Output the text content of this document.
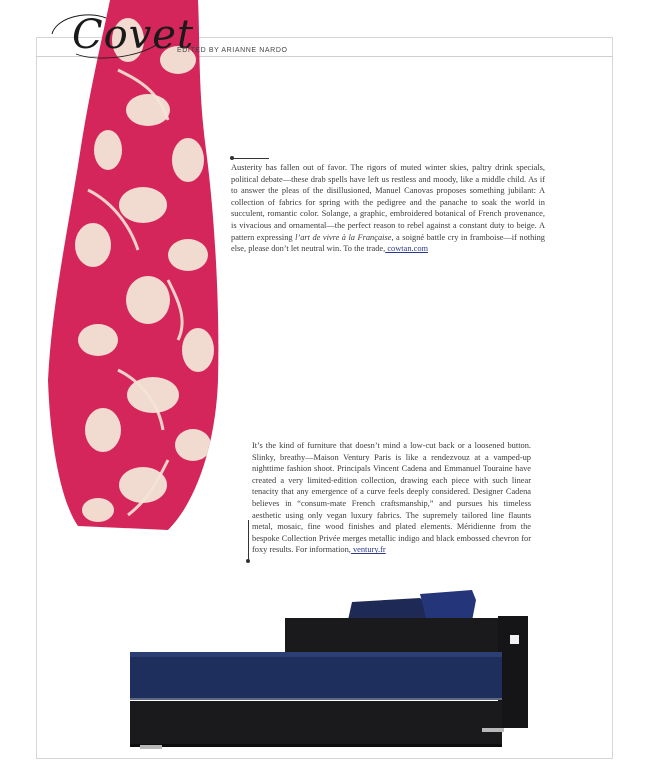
Covet
EDITED BY ARIANNE NARDO
Austerity has fallen out of favor. The rigors of muted winter skies, paltry drink specials, political debate—these drab spells have left us restless and moody, like a middle child. As if to answer the pleas of the disillusioned, Manuel Canovas proposes something jubilant: A collection of fabrics for spring with the pedigree and the panache to soak the world in succulent, romantic color. Solange, a graphic, embroidered botanical of French provenance, is vivacious and ornamental—the perfect reason to rebel against a constant duty to beige. A pattern expressing l’art de vivre à la Française, a soigné battle cry in framboise—if nothing else, please don’t let neutral win. To the trade, cowtan.com
It’s the kind of furniture that doesn’t mind a low-cut back or a loosened button. Slinky, breathy—Maison Ventury Paris is like a rendezvouz at a vamped-up nighttime fashion shoot. Principals Vincent Cadena and Emmanuel Touraine have created a very limited-edition collection, drawing each piece with such linear tenacity that any emergence of a curve feels deeply considered. Designer Cadena believes in “consum-mate French craftsmanship,” and pursues his timeless aesthetic using only vegan luxury fabrics. The supremely tailored line flaunts metal, mosaic, fine wood finishes and plated elements. Méridienne from the bespoke Collection Privée merges metallic indigo and black embossed chevron for foxy results. For information, ventury.fr
